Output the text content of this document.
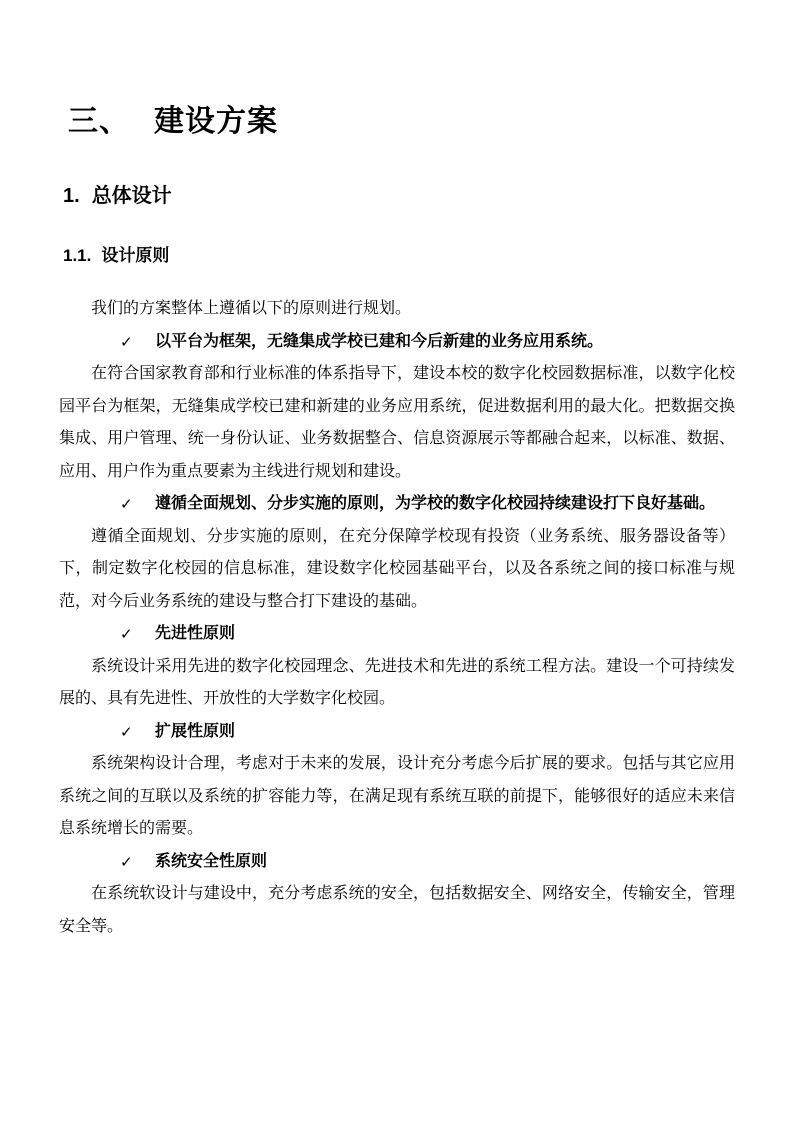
三、 建设方案
1. 总体设计
1.1. 设计原则

我们的方案整体上遵循以下的原则进行规划。

✓ 以平台为框架，无缝集成学校已建和今后新建的业务应用系统。

在符合国家教育部和行业标准的体系指导下，建设本校的数字化校园数据标准，以数字化校园平台为框架，无缝集成学校已建和新建的业务应用系统，促进数据利用的最大化。把数据交换集成、用户管理、统一身份认证、业务数据整合、信息资源展示等都融合起来，以标准、数据、应用、用户作为重点要素为主线进行规划和建设。

✓ 遵循全面规划、分步实施的原则，为学校的数字化校园持续建设打下良好基础。

遵循全面规划、分步实施的原则，在充分保障学校现有投资（业务系统、服务器设备等）下，制定数字化校园的信息标准，建设数字化校园基础平台，以及各系统之间的接口标准与规范，对今后业务系统的建设与整合打下建设的基础。

✓ 先进性原则

系统设计采用先进的数字化校园理念、先进技术和先进的系统工程方法。建设一个可持续发展的、具有先进性、开放性的大学数字化校园。

✓ 扩展性原则

系统架构设计合理，考虑对于未来的发展，设计充分考虑今后扩展的要求。包括与其它应用系统之间的互联以及系统的扩容能力等，在满足现有系统互联的前提下，能够很好的适应未来信息系统增长的需要。

✓ 系统安全性原则

在系统软设计与建设中，充分考虑系统的安全，包括数据安全、网络安全，传输安全，管理安全等。
